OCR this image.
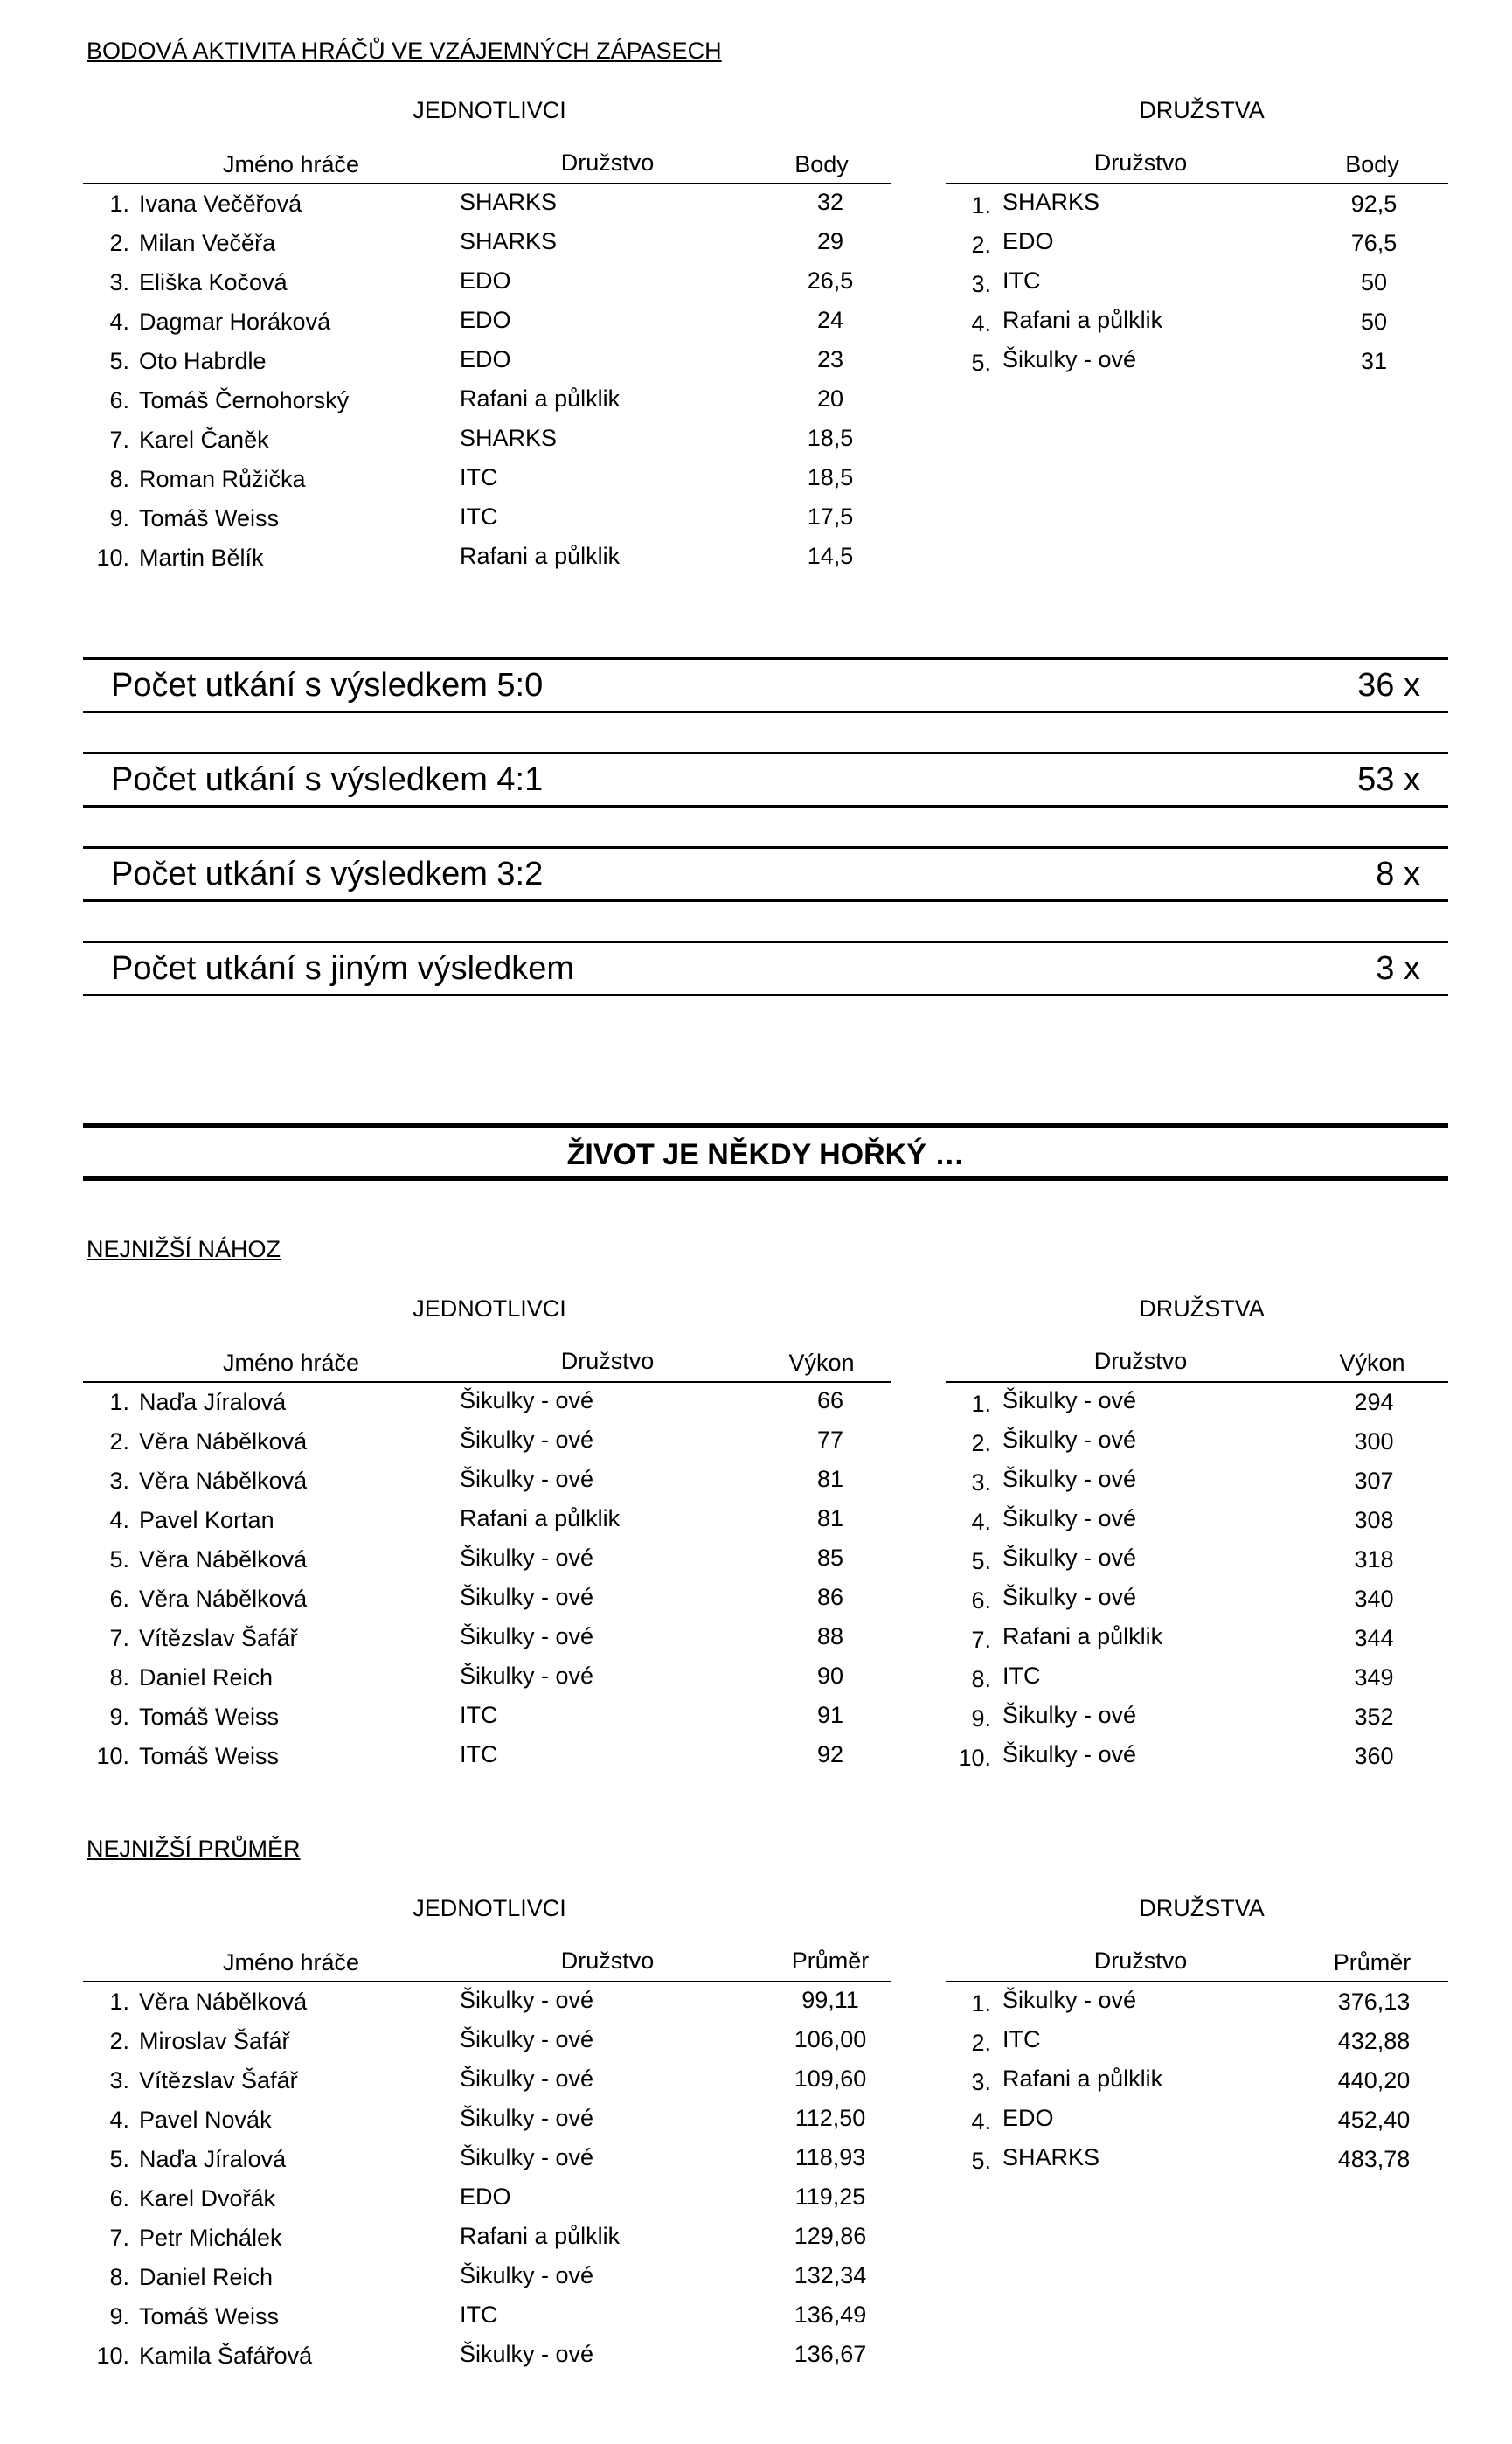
BODOVÁ AKTIVITA HRÁČŮ VE VZÁJEMNÝCH ZÁPASECH
JEDNOTLIVCI	DRUŽSTVA
Jméno hráče	Družstvo	Body	Družstvo	Body
1. Ivana Večěřová	SHARKS	32
2. Milan Večěřa	SHARKS	29
3. Eliška Kočová	EDO	26,5
4. Dagmar Horáková	EDO	24
5. Oto Habrdle	EDO	23
6. Tomáš Černohorský	Rafani a půlklik	20
7. Karel Čaněk	SHARKS	18,5
8. Roman Růžička	ITC	18,5
9. Tomáš Weiss	ITC	17,5
10. Martin Bělík	Rafani a půlklik	14,5
1. SHARKS	92,5
2. EDO	76,5
3. ITC	50
4. Rafani a půlklik	50
5. Šikulky - ové	31
Počet utkání s výsledkem 5:0	36 x
Počet utkání s výsledkem 4:1	53 x
Počet utkání s výsledkem 3:2	8 x
Počet utkání s jiným výsledkem	3 x
ŽIVOT JE NĚKDY HOŘKÝ …
NEJNIŽŠÍ NÁHOZ
JEDNOTLIVCI	DRUŽSTVA
Jméno hráče	Družstvo	Výkon	Družstvo	Výkon
1. Naďa Jíralová	Šikulky - ové	66
2. Věra Nábělková	Šikulky - ové	77
3. Věra Nábělková	Šikulky - ové	81
4. Pavel Kortan	Rafani a půlklik	81
5. Věra Nábělková	Šikulky - ové	85
6. Věra Nábělková	Šikulky - ové	86
7. Vítězslav Šafář	Šikulky - ové	88
8. Daniel Reich	Šikulky - ové	90
9. Tomáš Weiss	ITC	91
10. Tomáš Weiss	ITC	92
1. Šikulky - ové	294
2. Šikulky - ové	300
3. Šikulky - ové	307
4. Šikulky - ové	308
5. Šikulky - ové	318
6. Šikulky - ové	340
7. Rafani a půlklik	344
8. ITC	349
9. Šikulky - ové	352
10. Šikulky - ové	360
NEJNIŽŠÍ PRŮMĚR
JEDNOTLIVCI	DRUŽSTVA
Jméno hráče	Družstvo	Průměr	Družstvo	Průměr
1. Věra Nábělková	Šikulky - ové	99,11
2. Miroslav Šafář	Šikulky - ové	106,00
3. Vítězslav Šafář	Šikulky - ové	109,60
4. Pavel Novák	Šikulky - ové	112,50
5. Naďa Jíralová	Šikulky - ové	118,93
6. Karel Dvořák	EDO	119,25
7. Petr Michálek	Rafani a půlklik	129,86
8. Daniel Reich	Šikulky - ové	132,34
9. Tomáš Weiss	ITC	136,49
10. Kamila Šafářová	Šikulky - ové	136,67
1. Šikulky - ové	376,13
2. ITC	432,88
3. Rafani a půlklik	440,20
4. EDO	452,40
5. SHARKS	483,78
